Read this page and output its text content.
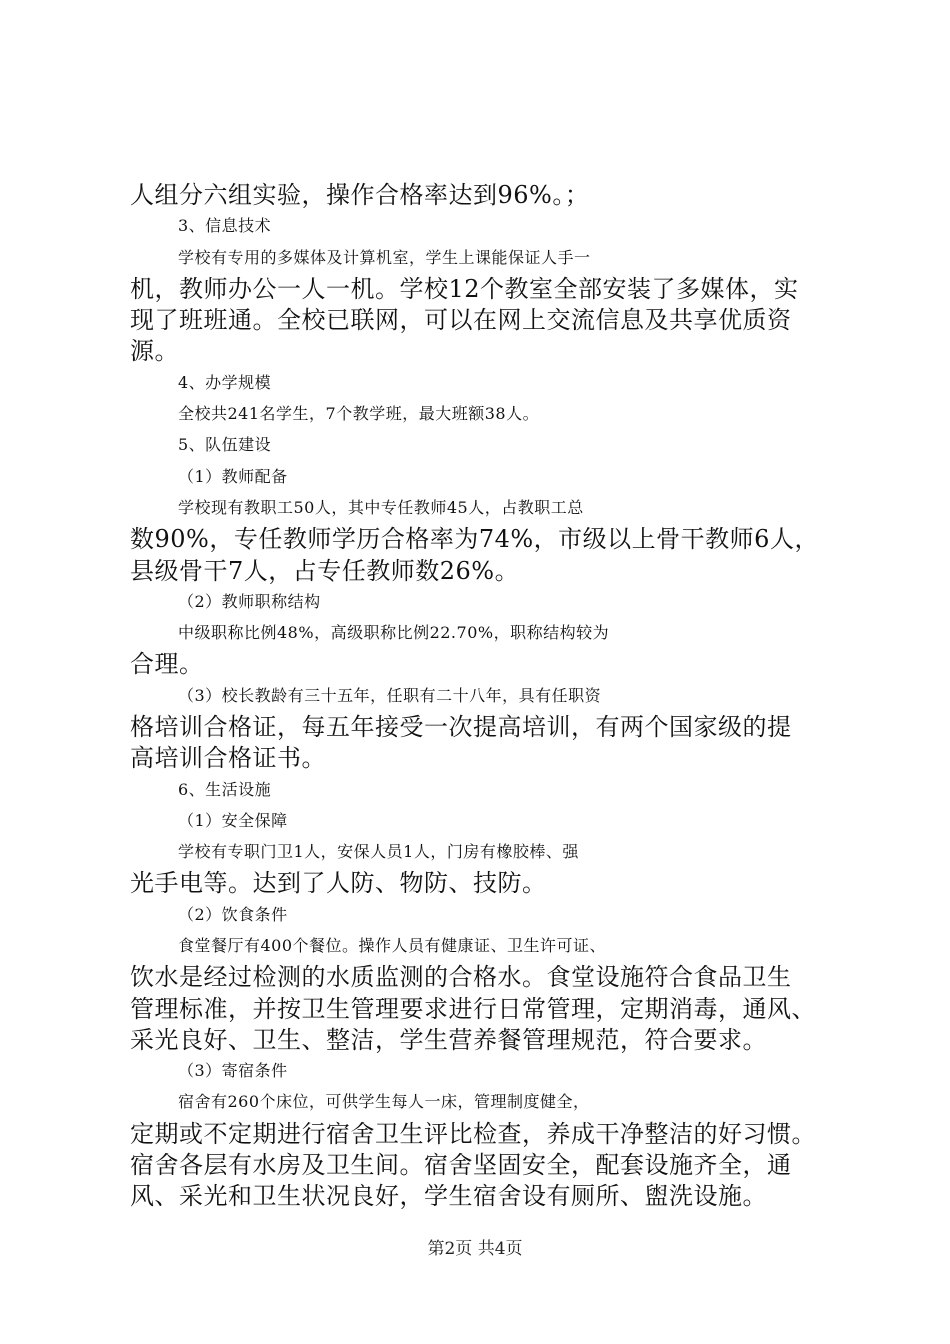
人组分六组实验，操作合格率达到96%。；
3、信息技术
学校有专用的多媒体及计算机室，学生上课能保证人手一
机，教师办公一人一机。学校12个教室全部安装了多媒体，实
现了班班通。全校已联网，可以在网上交流信息及共享优质资
源。
4、办学规模
全校共241名学生，7个教学班，最大班额38人。
5、队伍建设
（1）教师配备
学校现有教职工50人，其中专任教师45人，占教职工总
数90%，专任教师学历合格率为74%，市级以上骨干教师6人，
县级骨干7人，占专任教师数26%。
（2）教师职称结构
中级职称比例48%，高级职称比例22.70%，职称结构较为
合理。
（3）校长教龄有三十五年，任职有二十八年，具有任职资
格培训合格证，每五年接受一次提高培训，有两个国家级的提
高培训合格证书。
6、生活设施
（1）安全保障
学校有专职门卫1人，安保人员1人，门房有橡胶棒、强
光手电等。达到了人防、物防、技防。
（2）饮食条件
食堂餐厅有400个餐位。操作人员有健康证、卫生许可证、
饮水是经过检测的水质监测的合格水。食堂设施符合食品卫生
管理标准，并按卫生管理要求进行日常管理，定期消毒，通风、
采光良好、卫生、整洁，学生营养餐管理规范，符合要求。
（3）寄宿条件
宿舍有260个床位，可供学生每人一床，管理制度健全，
定期或不定期进行宿舍卫生评比检查，养成干净整洁的好习惯。
宿舍各层有水房及卫生间。宿舍坚固安全，配套设施齐全，通
风、采光和卫生状况良好，学生宿舍设有厕所、盥洗设施。
第2页 共4页
